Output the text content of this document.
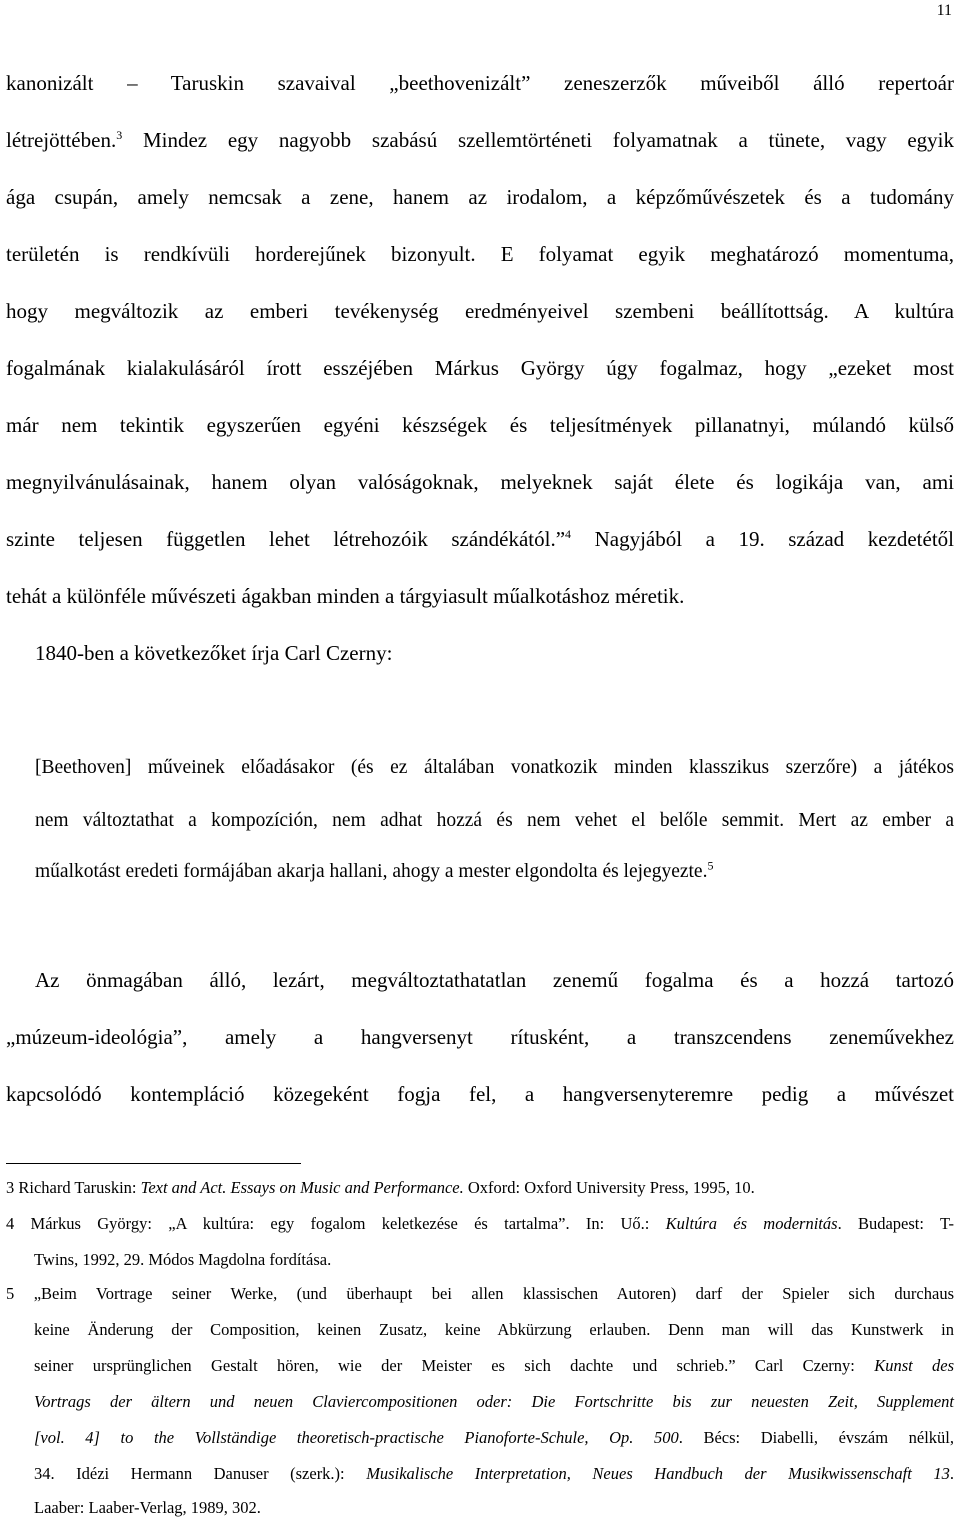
11
kanonizált – Taruskin szavaival „beethovenizált” zeneszerzők műveiből álló repertoár
létrejöttében.$^3$ Mindez egy nagyobb szabású szellemtörténeti folyamatnak a tünete, vagy egyik
ága csupán, amely nemcsak a zene, hanem az irodalom, a képzőművészetek és a tudomány
területén is rendkívüli horderejűnek bizonyult. E folyamat egyik meghatározó momentuma,
hogy megváltozik az emberi tevékenység eredményeivel szembeni beállítottság. A kultúra
fogalmának kialakulásáról írott esszéjében Márkus György úgy fogalmaz, hogy „ezeket most
már nem tekintik egyszerűen egyéni készségek és teljesítmények pillanatnyi, múlandó külső
megnyilvánulásainak, hanem olyan valóságoknak, melyeknek saját élete és logikája van, ami
szinte teljesen független lehet létrehozóik szándékától.”$^4$ Nagyjából a 19. század kezdetétől
tehát a különféle művészeti ágakban minden a tárgyiasult műalkotáshoz méretik.
1840-ben a következőket írja Carl Czerny:
[Beethoven] műveinek előadásakor (és ez általában vonatkozik minden klasszikus szerzőre) a játékos
nem változtathat a kompozíción, nem adhat hozzá és nem vehet el belőle semmit. Mert az ember a
műalkotást eredeti formájában akarja hallani, ahogy a mester elgondolta és lejegyezte.$^5$
Az önmagában álló, lezárt, megváltoztathatatlan zenemű fogalma és a hozzá tartozó
„múzeum-ideológia”, amely a hangversenyt rítusként, a transzcendens zeneművekhez
kapcsolódó kontempláció közegeként fogja fel, a hangversenyteremre pedig a művészet
3 Richard Taruskin: Text and Act. Essays on Music and Performance. Oxford: Oxford University Press, 1995, 10.
4 Márkus György: „A kultúra: egy fogalom keletkezése és tartalma”. In: Uő.: Kultúra és modernitás. Budapest: T-
Twins, 1992, 29. Módos Magdolna fordítása.
5 „Beim Vortrage seiner Werke, (und überhaupt bei allen klassischen Autoren) darf der Spieler sich durchaus
keine Änderung der Composition, keinen Zusatz, keine Abkürzung erlauben. Denn man will das Kunstwerk in
seiner ursprünglichen Gestalt hören, wie der Meister es sich dachte und schrieb.” Carl Czerny: Kunst des
Vortrags der ältern und neuen Claviercompositionen oder: Die Fortschritte bis zur neuesten Zeit, Supplement
[vol. 4] to the Vollständige theoretisch-practische Pianoforte-Schule, Op. 500. Bécs: Diabelli, évszám nélkül,
34. Idézi Hermann Danuser (szerk.): Musikalische Interpretation, Neues Handbuch der Musikwissenschaft 13.
Laaber: Laaber-Verlag, 1989, 302.
